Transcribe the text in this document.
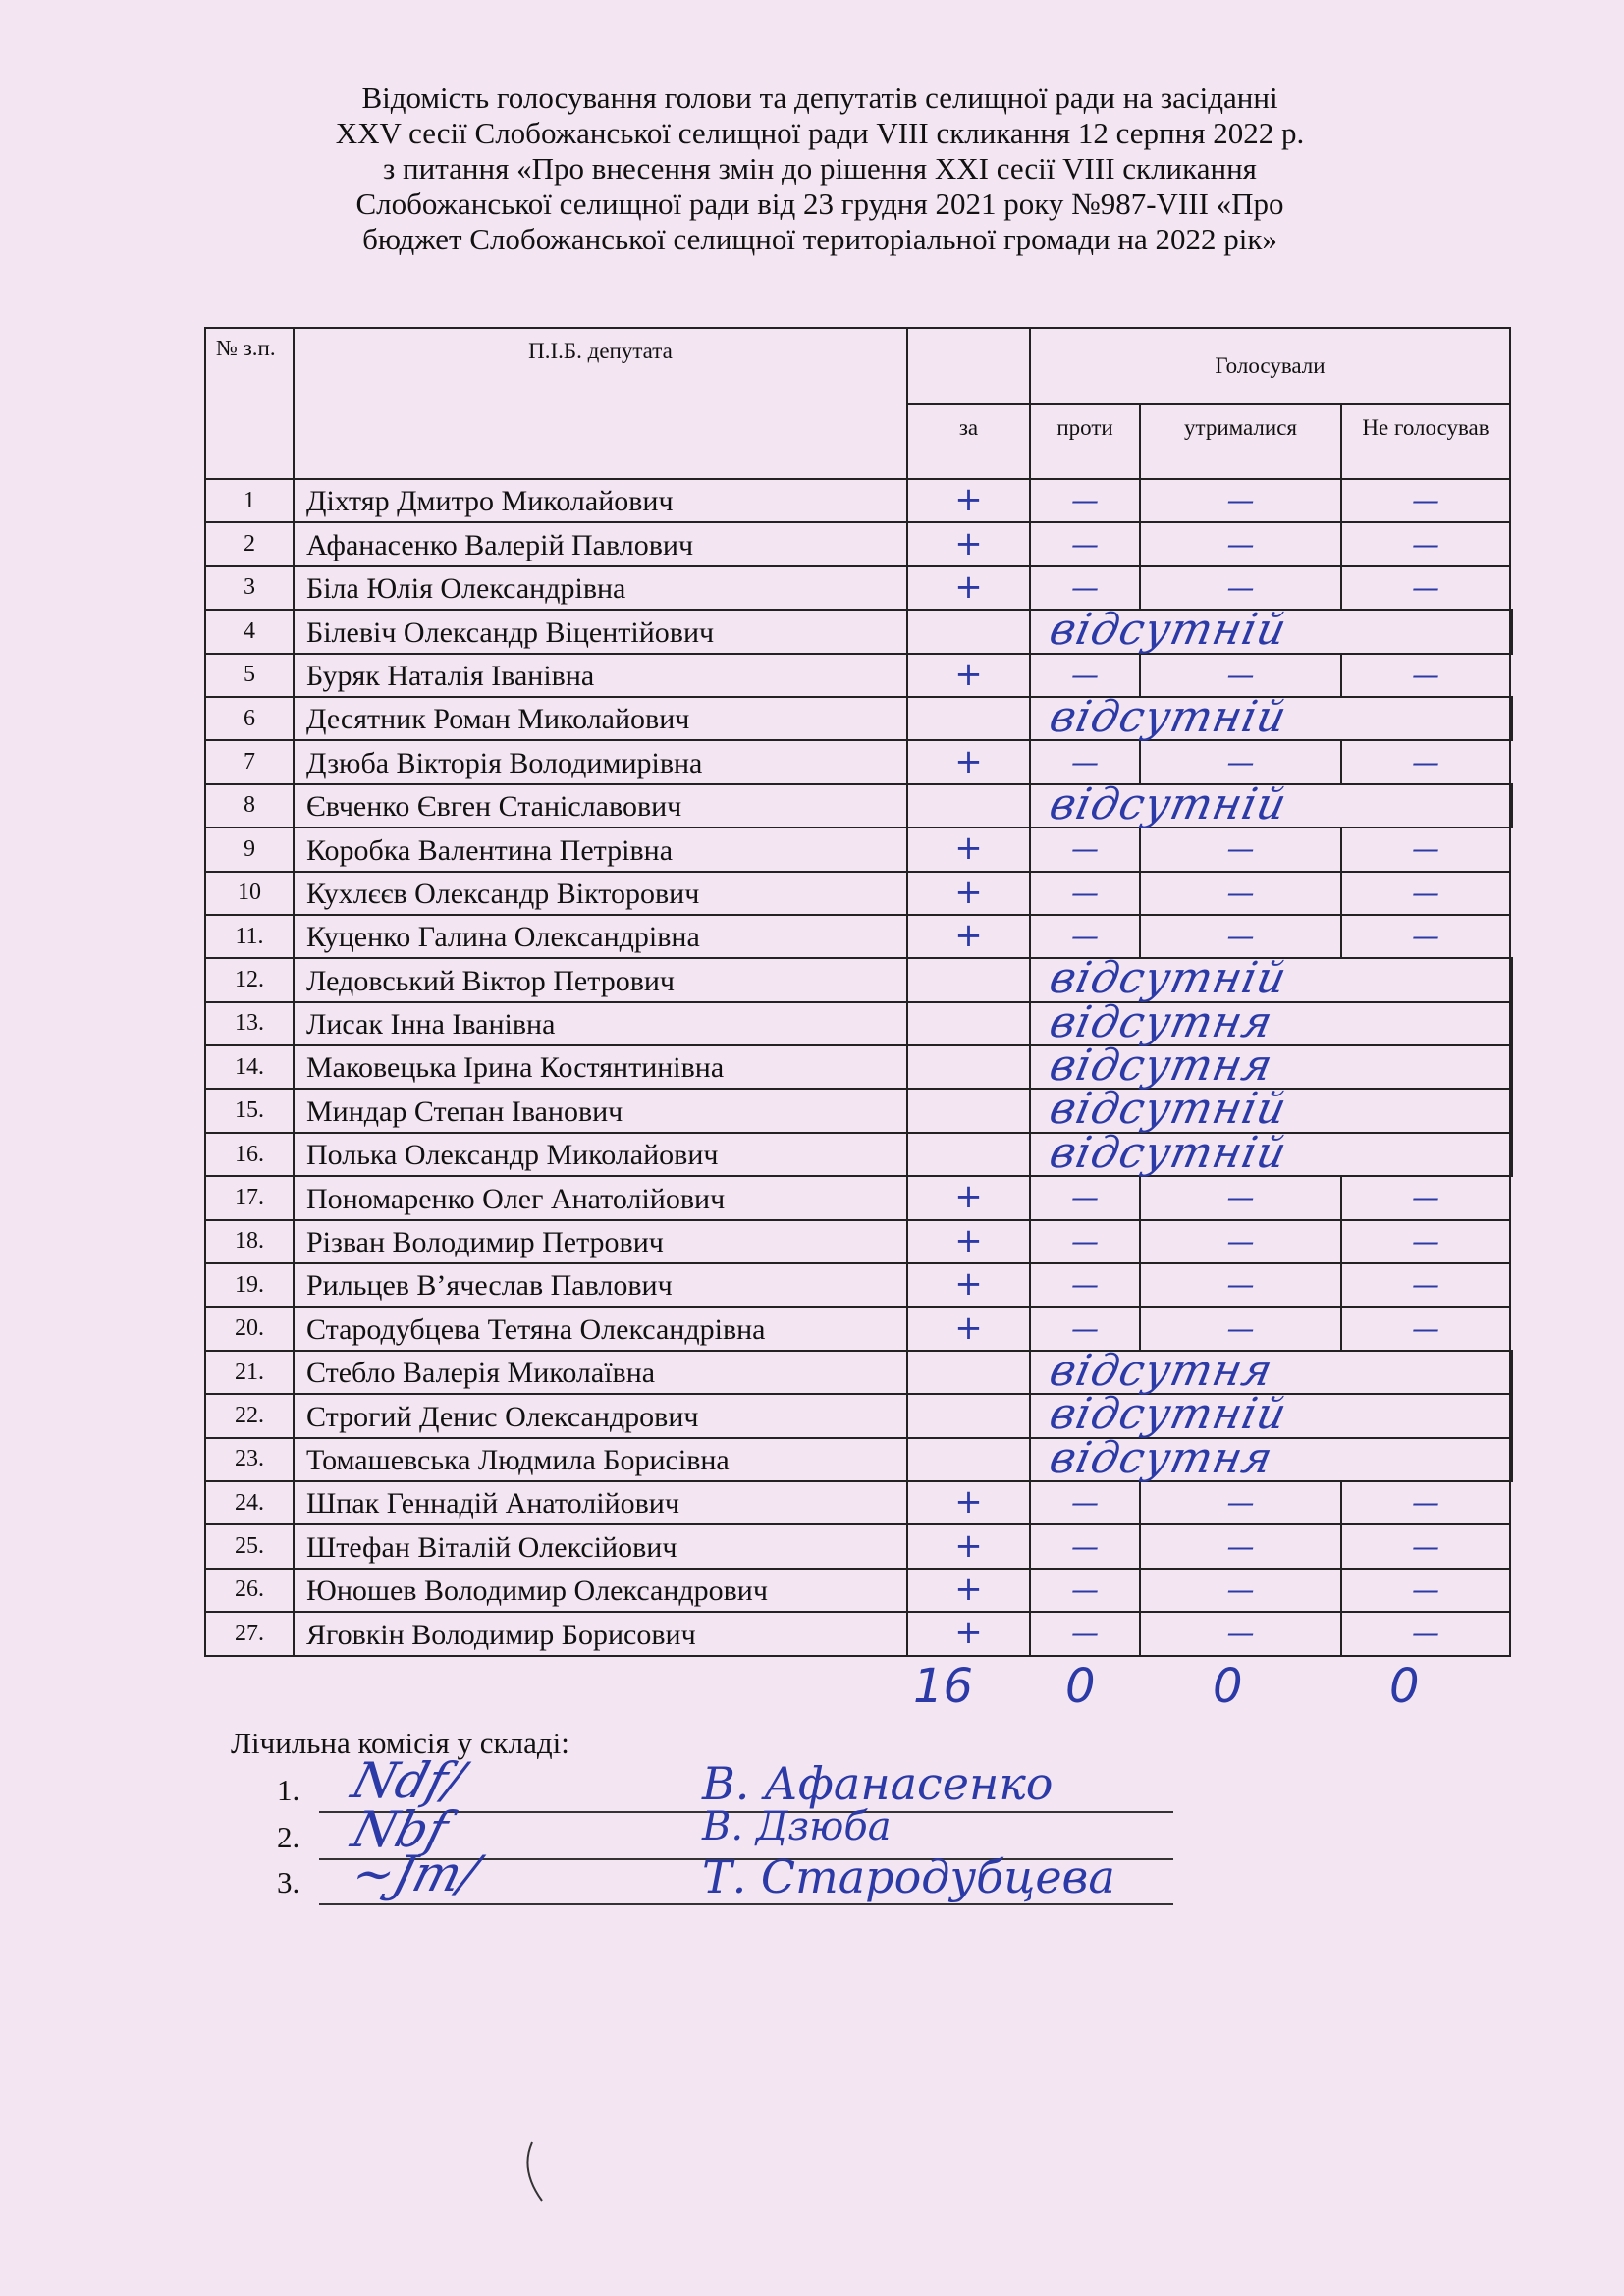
Відомість голосування голови та депутатів селищної ради на засіданні
XXV сесії Слобожанської селищної ради VIII скликання 12 серпня 2022 р.
з питання «Про внесення змін до рішення XXI сесії VIII скликання
Слобожанської селищної ради від 23 грудня 2021 року №987-VIII «Про
бюджет Слобожанської селищної територіальної громади на 2022 рік»
№ з.п.	П.І.Б. депутата		Голосували			
		за	проти	утрималися	Не голосував	
1	Діхтяр Дмитро Миколайович	+	—	—	—	
2	Афанасенко Валерій Павлович	+	—	—	—	
3	Біла Юлія Олександрівна	+	—	—	—	
4	Білевіч Олександр Віцентійович		відсутній			

5	Буряк Наталія Іванівна	+	—	—	—	
6	Десятник Роман Миколайович		відсутній			

7	Дзюба Вікторія Володимирівна	+	—	—	—	
8	Євченко Євген Станіславович		відсутній			

9	Коробка Валентина Петрівна	+	—	—	—	
10	Кухлєєв Олександр Вікторович	+	—	—	—	
11.	Куценко Галина Олександрівна	+	—	—	—	
12.	Ледовський Віктор Петрович		відсутній			

13.	Лисак Інна Іванівна		відсутня			

14.	Маковецька Ірина Костянтинівна		відсутня			

15.	Миндар Степан Іванович		відсутній			

16.	Полька Олександр Миколайович		відсутній			

17.	Пономаренко Олег Анатолійович	+	—	—	—	
18.	Різван Володимир Петрович	+	—	—	—	
19.	Рильцев В’ячеслав Павлович	+	—	—	—	
20.	Стародубцева Тетяна Олександрівна	+	—	—	—	
21.	Стебло Валерія Миколаївна		відсутня			

22.	Строгий Денис Олександрович		відсутній			

23.	Томашевська Людмила Борисівна		відсутня			

24.	Шпак Геннадій Анатолійович	+	—	—	—	
25.	Штефан Віталій Олексійович	+	—	—	—	
26.	Юношев Володимир Олександрович	+	—	—	—	
27.	Яговкін Володимир Борисович	+	—	—	—	
16 0 0	0
Лічильна комісія у складі:
1. Ndf/	В. Афанасенко
2. Nbf	В. Дзюба
3. ~Jm/	Т. Стародубцева
